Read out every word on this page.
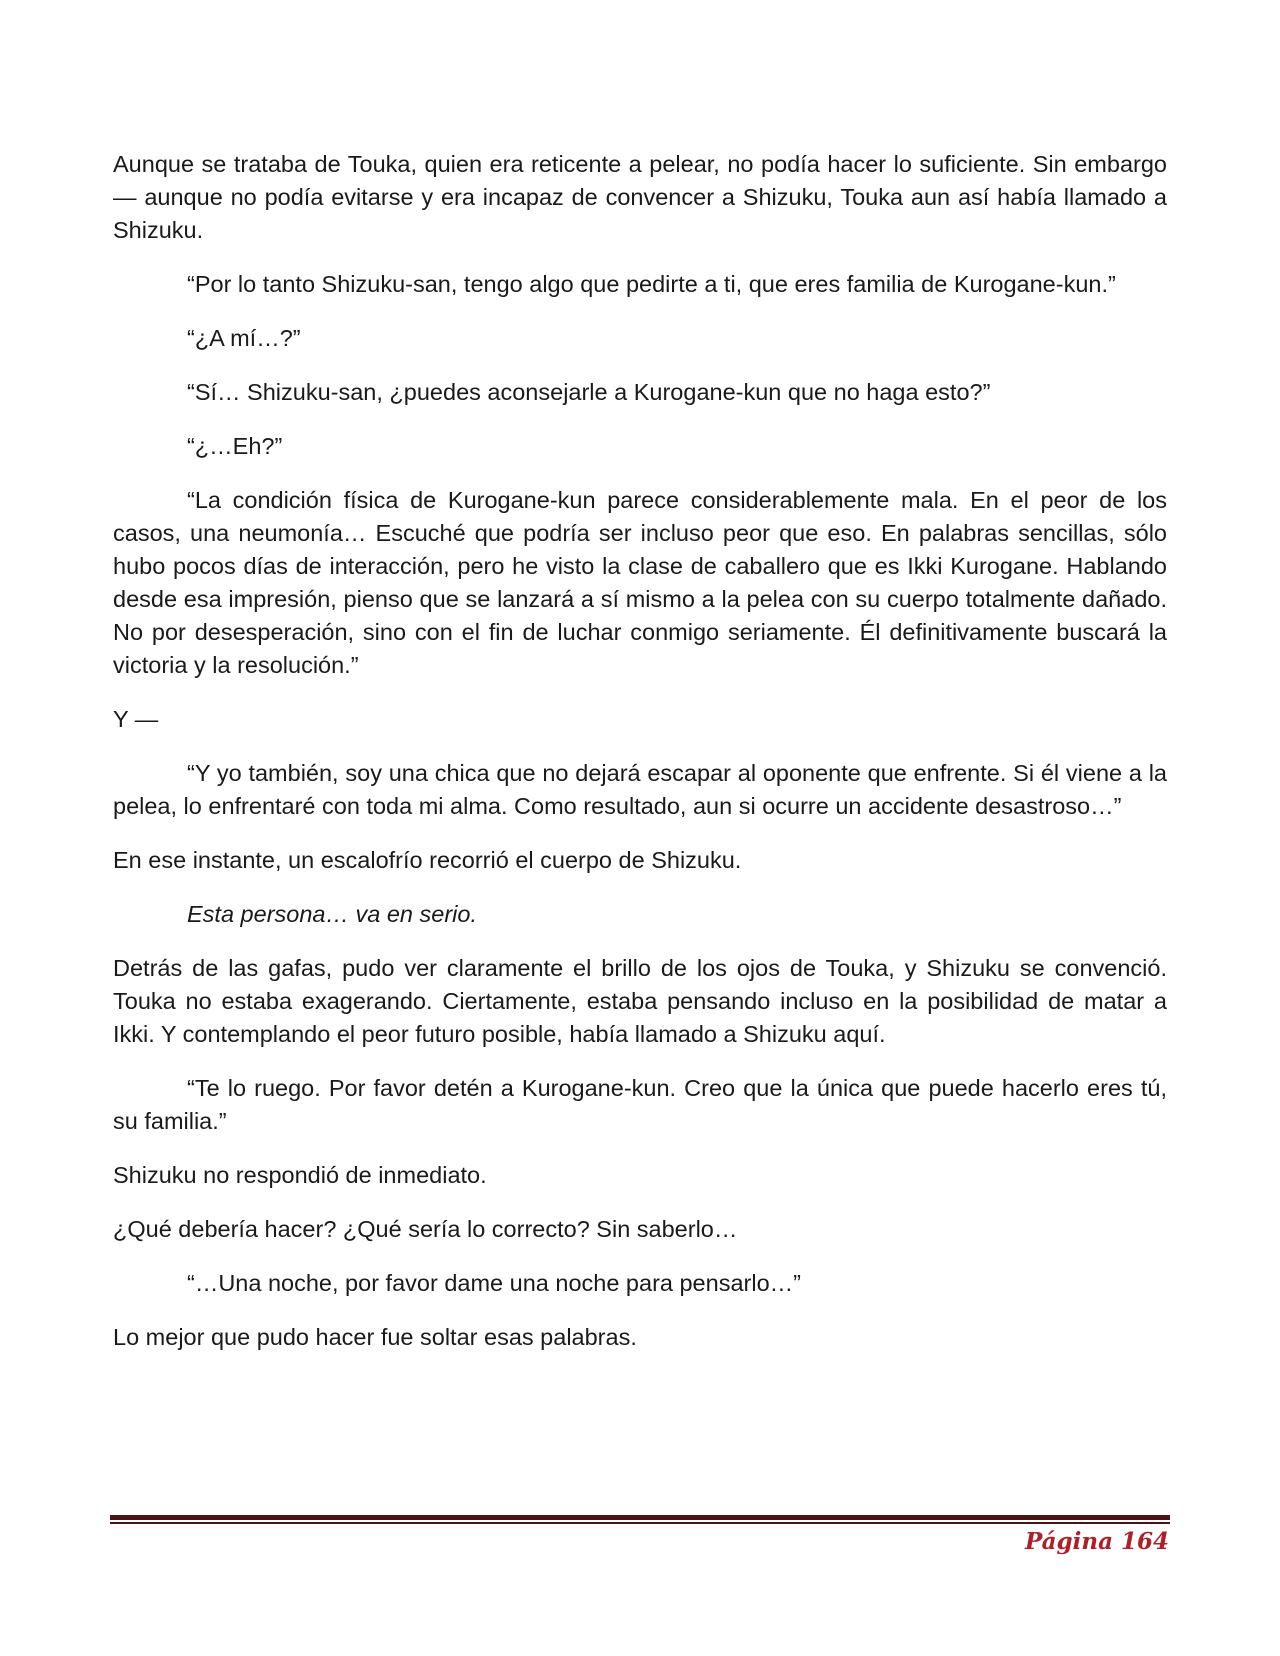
Aunque se trataba de Touka, quien era reticente a pelear, no podía hacer lo suficiente. Sin embargo — aunque no podía evitarse y era incapaz de convencer a Shizuku, Touka aun así había llamado a Shizuku.

“Por lo tanto Shizuku-san, tengo algo que pedirte a ti, que eres familia de Kurogane-kun.”

“¿A mí…?”

“Sí… Shizuku-san, ¿puedes aconsejarle a Kurogane-kun que no haga esto?”

“¿…Eh?”

“La condición física de Kurogane-kun parece considerablemente mala. En el peor de los casos, una neumonía… Escuché que podría ser incluso peor que eso. En palabras sencillas, sólo hubo pocos días de interacción, pero he visto la clase de caballero que es Ikki Kurogane. Hablando desde esa impresión, pienso que se lanzará a sí mismo a la pelea con su cuerpo totalmente dañado. No por desesperación, sino con el fin de luchar conmigo seriamente. Él definitivamente buscará la victoria y la resolución.”

Y —

“Y yo también, soy una chica que no dejará escapar al oponente que enfrente. Si él viene a la pelea, lo enfrentaré con toda mi alma. Como resultado, aun si ocurre un accidente desastroso…”

En ese instante, un escalofrío recorrió el cuerpo de Shizuku.

Esta persona… va en serio.

Detrás de las gafas, pudo ver claramente el brillo de los ojos de Touka, y Shizuku se convenció. Touka no estaba exagerando. Ciertamente, estaba pensando incluso en la posibilidad de matar a Ikki. Y contemplando el peor futuro posible, había llamado a Shizuku aquí.

“Te lo ruego. Por favor detén a Kurogane-kun. Creo que la única que puede hacerlo eres tú, su familia.”

Shizuku no respondió de inmediato.

¿Qué debería hacer? ¿Qué sería lo correcto? Sin saberlo…

“…Una noche, por favor dame una noche para pensarlo…”

Lo mejor que pudo hacer fue soltar esas palabras.

Página 164
